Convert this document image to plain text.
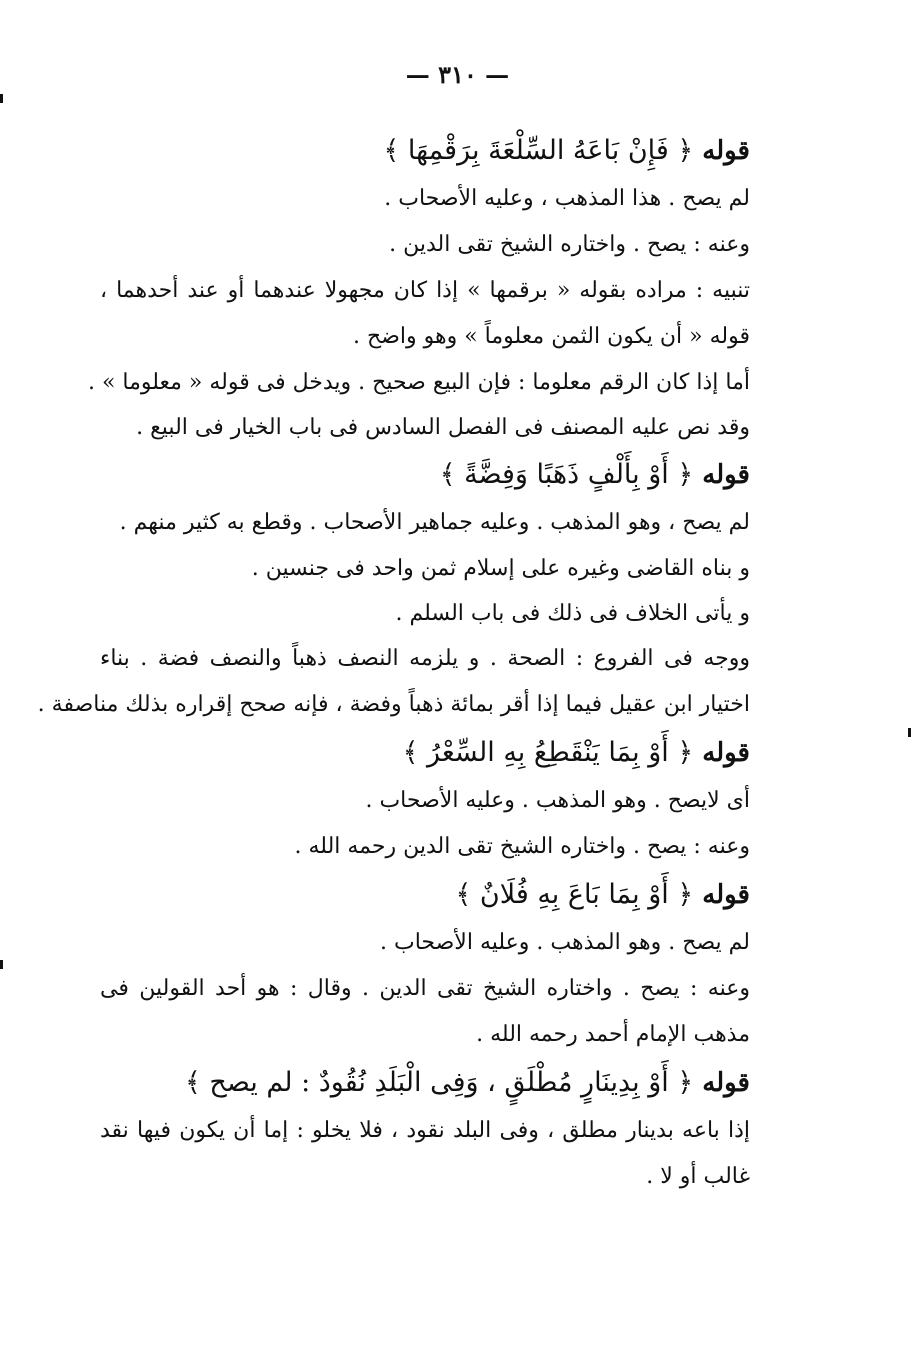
— ٣١٠ —
قوله ﴿ فَإِنْ بَاعَهُ السِّلْعَةَ بِرَقْمِهَا ﴾
لم يصح . هذا المذهب ، وعليه الأصحاب .
وعنه : يصح . واختاره الشيخ تقى الدين .
تنبيه : مراده بقوله « برقمها » إذا كان مجهولا عندهما أو عند أحدهما ،
قوله « أن يكون الثمن معلوماً » وهو واضح .
أما إذا كان الرقم معلوما : فإن البيع صحيح . ويدخل فى قوله « معلوما » .
وقد نص عليه المصنف فى الفصل السادس فى باب الخيار فى البيع .
قوله ﴿ أَوْ بِأَلْفٍ ذَهَبًا وَفِضَّةً ﴾
لم يصح ، وهو المذهب . وعليه جماهير الأصحاب . وقطع به كثير منهم .
و بناه القاضى وغيره على إسلام ثمن واحد فى جنسين .
و يأتى الخلاف فى ذلك فى باب السلم .
ووجه فى الفروع : الصحة . و يلزمه النصف ذهباً والنصف فضة . بناء
اختيار ابن عقيل فيما إذا أقر بمائة ذهباً وفضة ، فإنه صحح إقراره بذلك مناصفة .
قوله ﴿ أَوْ بِمَا يَنْقَطِعُ بِهِ السِّعْرُ ﴾
أى لايصح . وهو المذهب . وعليه الأصحاب .
وعنه : يصح . واختاره الشيخ تقى الدين رحمه الله .
قوله ﴿ أَوْ بِمَا بَاعَ بِهِ فُلَانٌ ﴾
لم يصح . وهو المذهب . وعليه الأصحاب .
وعنه : يصح . واختاره الشيخ تقى الدين . وقال : هو أحد القولين فى
مذهب الإمام أحمد رحمه الله .
قوله ﴿ أَوْ بِدِينَارٍ مُطْلَقٍ ، وَفِى الْبَلَدِ نُقُودٌ : لم يصح ﴾
إذا باعه بدينار مطلق ، وفى البلد نقود ، فلا يخلو : إما أن يكون فيها نقد
غالب أو لا .
